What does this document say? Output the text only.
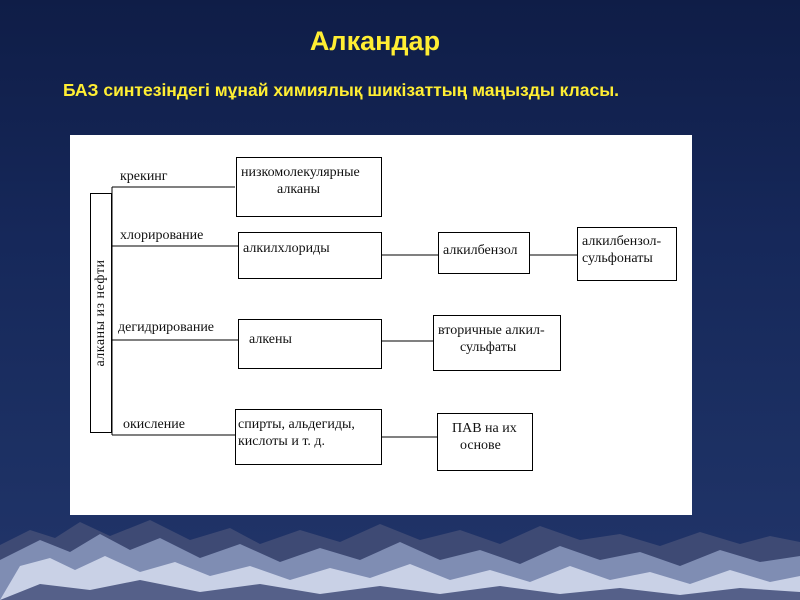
Алкандар
БАЗ синтезіндегі мұнай химиялық шикізаттың маңызды класы.
алканы из нефти
крекинг
хлорирование
дегидрирование
окисление
низкомолекулярные
алканы
алкилхлориды	алкилбензол
алкилбензол-
сульфонаты
алкены
вторичные алкил-
сульфаты
спирты, альдегиды,
кислоты и т. д.
ПАВ на их
основе
